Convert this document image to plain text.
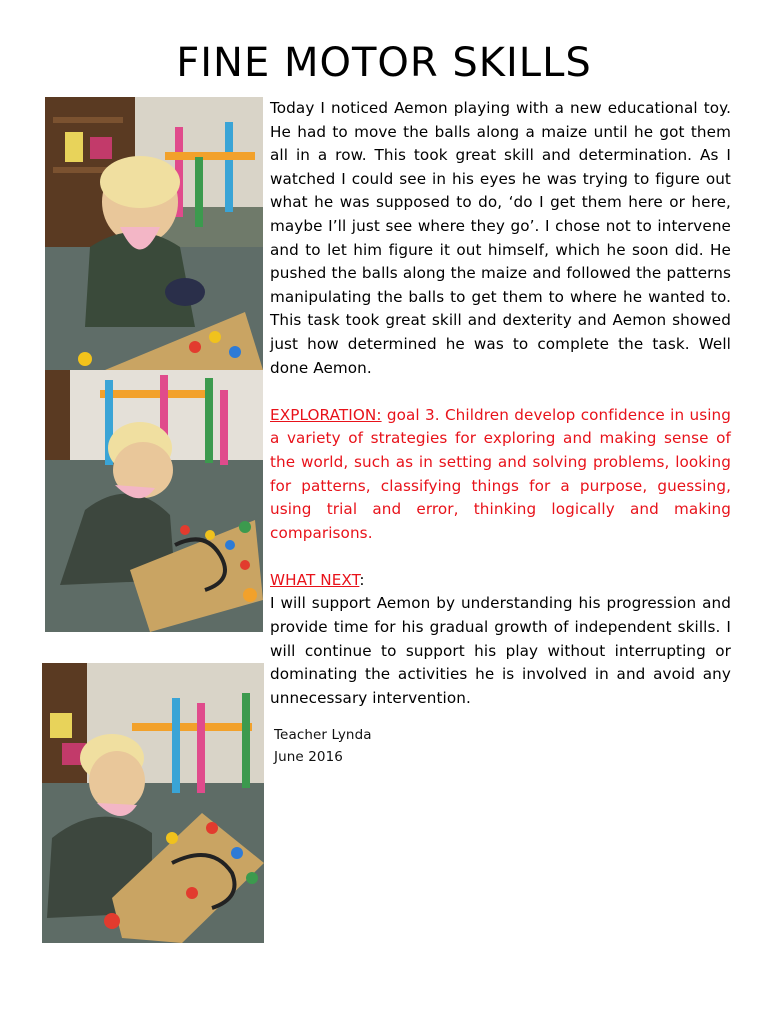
FINE MOTOR SKILLS

Today I noticed Aemon playing with a new educational toy. He had to move the balls along a maize until he got them all in a row. This took great skill and determination. As I watched I could see in his eyes he was trying to figure out what he was supposed to do, ‘do I get them here or here, maybe I’ll just see where they go’. I chose not to intervene and to let him figure it out himself, which he soon did. He pushed the balls along the maize and followed the patterns manipulating the balls to get them to where he wanted to. This task took great skill and dexterity and Aemon showed just how determined he was to complete the task. Well done Aemon.

EXPLORATION: goal 3. Children develop confidence in using a variety of strategies for exploring and making sense of the world, such as in setting and solving problems, looking for patterns, classifying things for a purpose, guessing, using trial and error, thinking logically and making comparisons.

WHAT NEXT:

I will support Aemon by understanding his progression and provide time for his gradual growth of independent skills. I will continue to support his play without interrupting or dominating the activities he is involved in and avoid any unnecessary intervention.

Teacher Lynda
June 2016
